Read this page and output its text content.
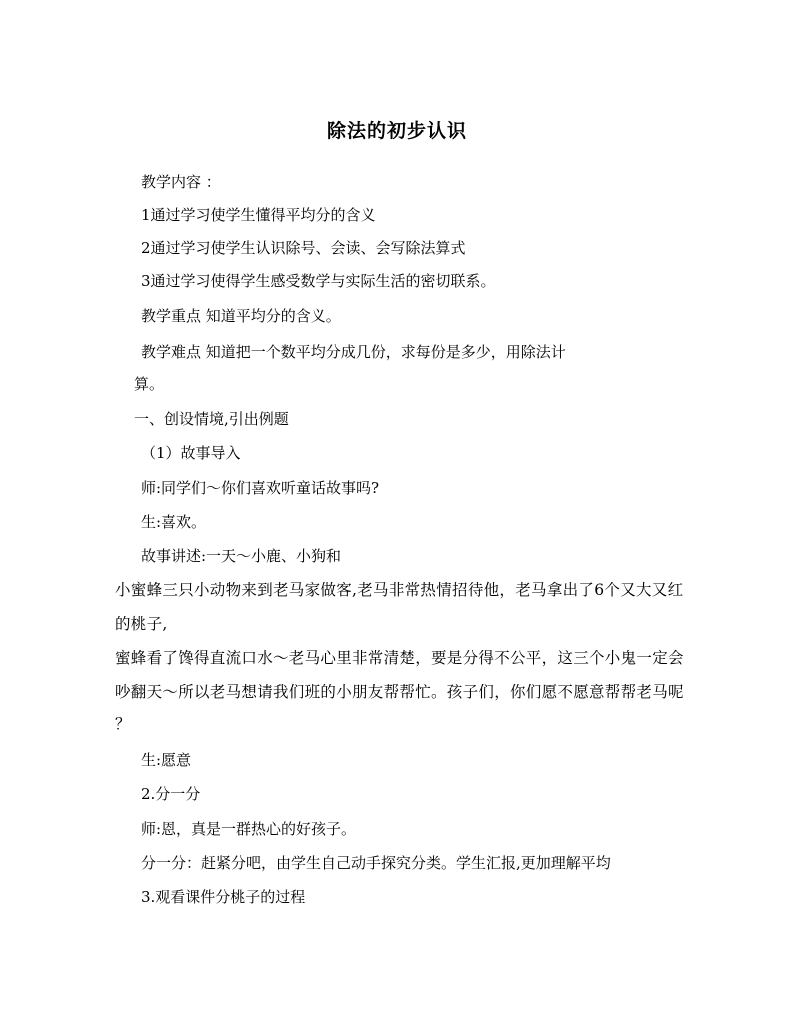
除法的初步认识
教学内容 ：
1通过学习使学生懂得平均分的含义
2通过学习使学生认识除号、会读、会写除法算式
3通过学习使得学生感受数学与实际生活的密切联系。
教学重点 知道平均分的含义。
教学难点 知道把一个数平均分成几份，求每份是多少，用除法计
算。
一、创设情境,引出例题
（1）故事导入
师:同学们～你们喜欢听童话故事吗?
生:喜欢。
故事讲述:一天～小鹿、小狗和
小蜜蜂三只小动物来到老马家做客,老马非常热情招待他，老马拿出了6个又大又红
的桃子,
蜜蜂看了馋得直流口水～老马心里非常清楚，要是分得不公平，这三个小鬼一定会
吵翻天～所以老马想请我们班的小朋友帮帮忙。孩子们，你们愿不愿意帮帮老马呢
？
生:愿意
2.分一分
师:恩，真是一群热心的好孩子。
分一分：赶紧分吧，由学生自己动手探究分类。学生汇报,更加理解平均
3.观看课件分桃子的过程
